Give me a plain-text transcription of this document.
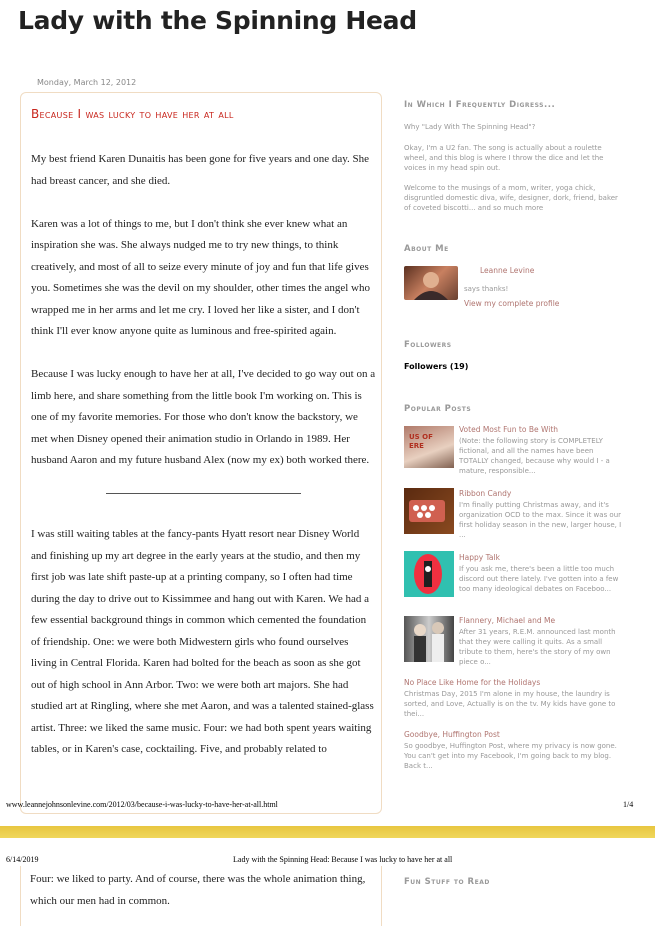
Lady with the Spinning Head
Monday, March 12, 2012
Because I was lucky to have her at all

My best friend Karen Dunaitis has been gone for five years and one day. She had breast cancer, and she died.

Karen was a lot of things to me, but I don't think she ever knew what an inspiration she was. She always nudged me to try new things, to think creatively, and most of all to seize every minute of joy and fun that life gives you. Sometimes she was the devil on my shoulder, other times the angel who wrapped me in her arms and let me cry. I loved her like a sister, and I don't think I'll ever know anyone quite as luminous and free-spirited again.

Because I was lucky enough to have her at all, I've decided to go way out on a limb here, and share something from the little book I'm working on. This is one of my favorite memories. For those who don't know the backstory, we met when Disney opened their animation studio in Orlando in 1989. Her husband Aaron and my future husband Alex (now my ex) both worked there.

I was still waiting tables at the fancy-pants Hyatt resort near Disney World and finishing up my art degree in the early years at the studio, and then my first job was late shift paste-up at a printing company, so I often had time during the day to drive out to Kissimmee and hang out with Karen. We had a few essential background things in common which cemented the foundation of friendship. One: we were both Midwestern girls who found ourselves living in Central Florida. Karen had bolted for the beach as soon as she got out of high school in Ann Arbor. Two: we were both art majors. She had studied art at Ringling, where she met Aaron, and was a talented stained-glass artist. Three: we liked the same music. Four: we had both spent years waiting tables, or in Karen's case, cocktailing. Five, and probably related to

In Which I Frequently Digress...
Why "Lady With The Spinning Head"?
Okay, I'm a U2 fan. The song is actually about a roulette wheel, and this blog is where I throw the dice and let the voices in my head spin out.
Welcome to the musings of a mom, writer, yoga chick, disgruntled domestic diva, wife, designer, dork, friend, baker of coveted biscotti... and so much more
About Me
Leanne Levine
says thanks!
View my complete profile
Followers
Followers (19)
Popular Posts
US OF ERE
Voted Most Fun to Be With
(Note: the following story is COMPLETELY fictional, and all the names have been TOTALLY changed, because why would I - a mature, responsible...
Ribbon Candy
I'm finally putting Christmas away, and it's organization OCD to the max. Since it was our first holiday season in the new, larger house, I ...
Happy Talk
If you ask me, there's been a little too much discord out there lately. I've gotten into a few too many ideological debates on Faceboo...
Flannery, Michael and Me
After 31 years, R.E.M. announced last month that they were calling it quits. As a small tribute to them, here's the story of my own piece o...
No Place Like Home for the Holidays
Christmas Day, 2015 I'm alone in my house, the laundry is sorted, and Love, Actually is on the tv. My kids have gone to thei...
Goodbye, Huffington Post
So goodbye, Huffington Post, where my privacy is now gone. You can't get into my Facebook, I'm going back to my blog. Back t...
www.leannejohnsonlevine.com/2012/03/because-i-was-lucky-to-have-her-at-all.html	1/4
6/14/2019	Lady with the Spinning Head: Because I was lucky to have her at all
Four: we liked to party. And of course, there was the whole animation thing, which our men had in common.
Fun Stuff to Read
